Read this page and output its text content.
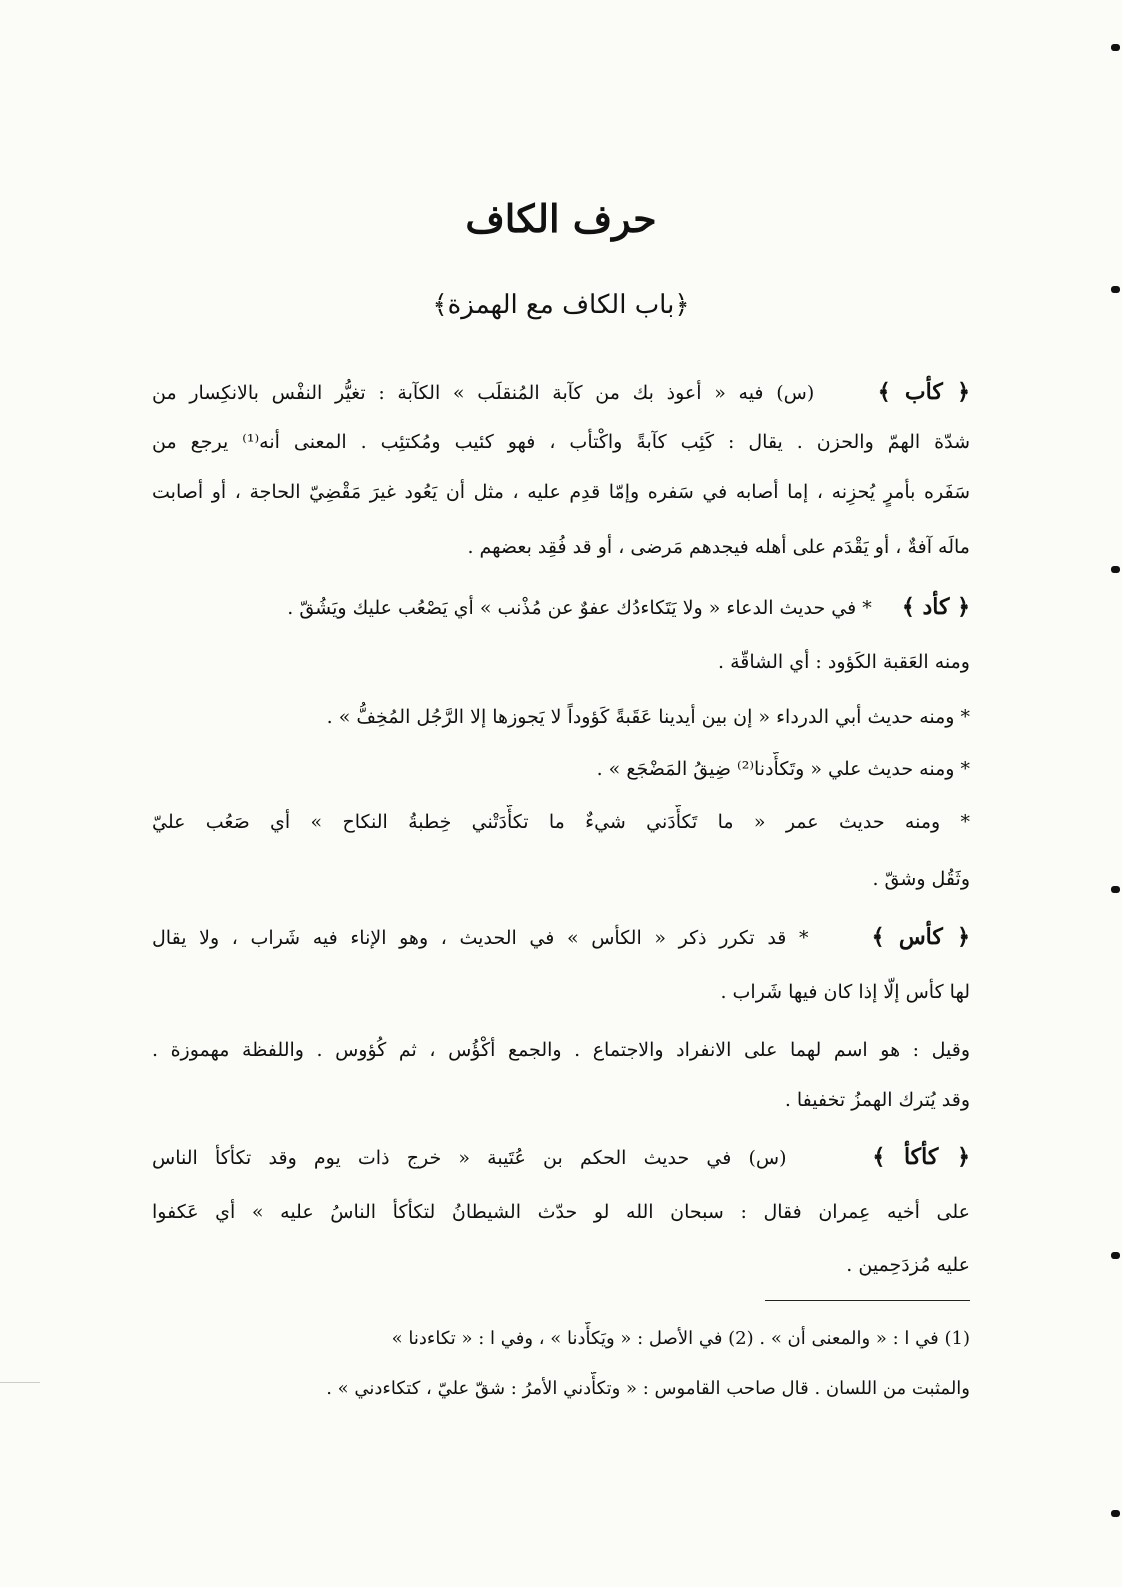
حرف الكاف
﴿باب الكاف مع الهمزة﴾
﴿ كأب ﴾     (س) فيه « أعوذ بك من كآبة المُنقلَب » الكآبة : تغيُّر النفْس بالانكِسار من
شدّة الهمّ والحزن . يقال : كَئِب كآبةً واكْتأب ، فهو كئيب ومُكتئِب . المعنى أنه⁽¹⁾ يرجع من
سَفَره بأمرٍ يُحزِنه ، إما أصابه في سَفره وإمّا قدِم عليه ، مثل أن يَعُود غيرَ مَقْضِيّ الحاجة ، أو أصابت
مالَه آفةٌ ، أو يَقْدَم على أهله فيجدهم مَرضى ، أو قد فُقِد بعضهم .
﴿ كأد ﴾     * في حديث الدعاء « ولا يَتَكاءدُك عفوٌ عن مُذْنب » أي يَصْعُب عليك ويَشُقّ .
ومنه العَقبة الكَؤود : أي الشاقّة .
* ومنه حديث أبي الدرداء « إن بين أيدينا عَقَبةً كَؤوداً لا يَجوزها إلا الرَّجُل المُخِفُّ » .
* ومنه حديث علي « وتَكأّدنا⁽²⁾ ضِيقُ المَضْجَع » .
* ومنه حديث عمر « ما تَكأّدَني شيءٌ ما تكأّدَتْني خِطبةُ النكاح » أي صَعُب عليّ
وثَقُل وشقّ .
﴿ كأس ﴾     * قد تكرر ذكر « الكأس » في الحديث ، وهو الإناء فيه شَراب ، ولا يقال
لها كأس إلّا إذا كان فيها شَراب .
وقيل : هو اسم لهما على الانفراد والاجتماع . والجمع أكْؤُس ، ثم كُؤوس . واللفظة مهموزة .
وقد يُترك الهمزُ تخفيفا .
﴿ كأكأ ﴾     (س) في حديث الحكم بن عُتَيبة « خرج ذات يوم وقد تكأكأ الناس
على أخيه عِمران فقال : سبحان الله لو حدّث الشيطانُ لتكأكأ الناسُ عليه » أي عَكفوا
عليه مُزدَحِمين .
(1) في ا : « والمعنى أن » . (2) في الأصل : « ويَكأّدنا » ، وفي ا : « تكاءدنا »
والمثبت من اللسان . قال صاحب القاموس : « وتكأّدني الأمرُ : شقّ عليّ ، كتكاءدني » .
